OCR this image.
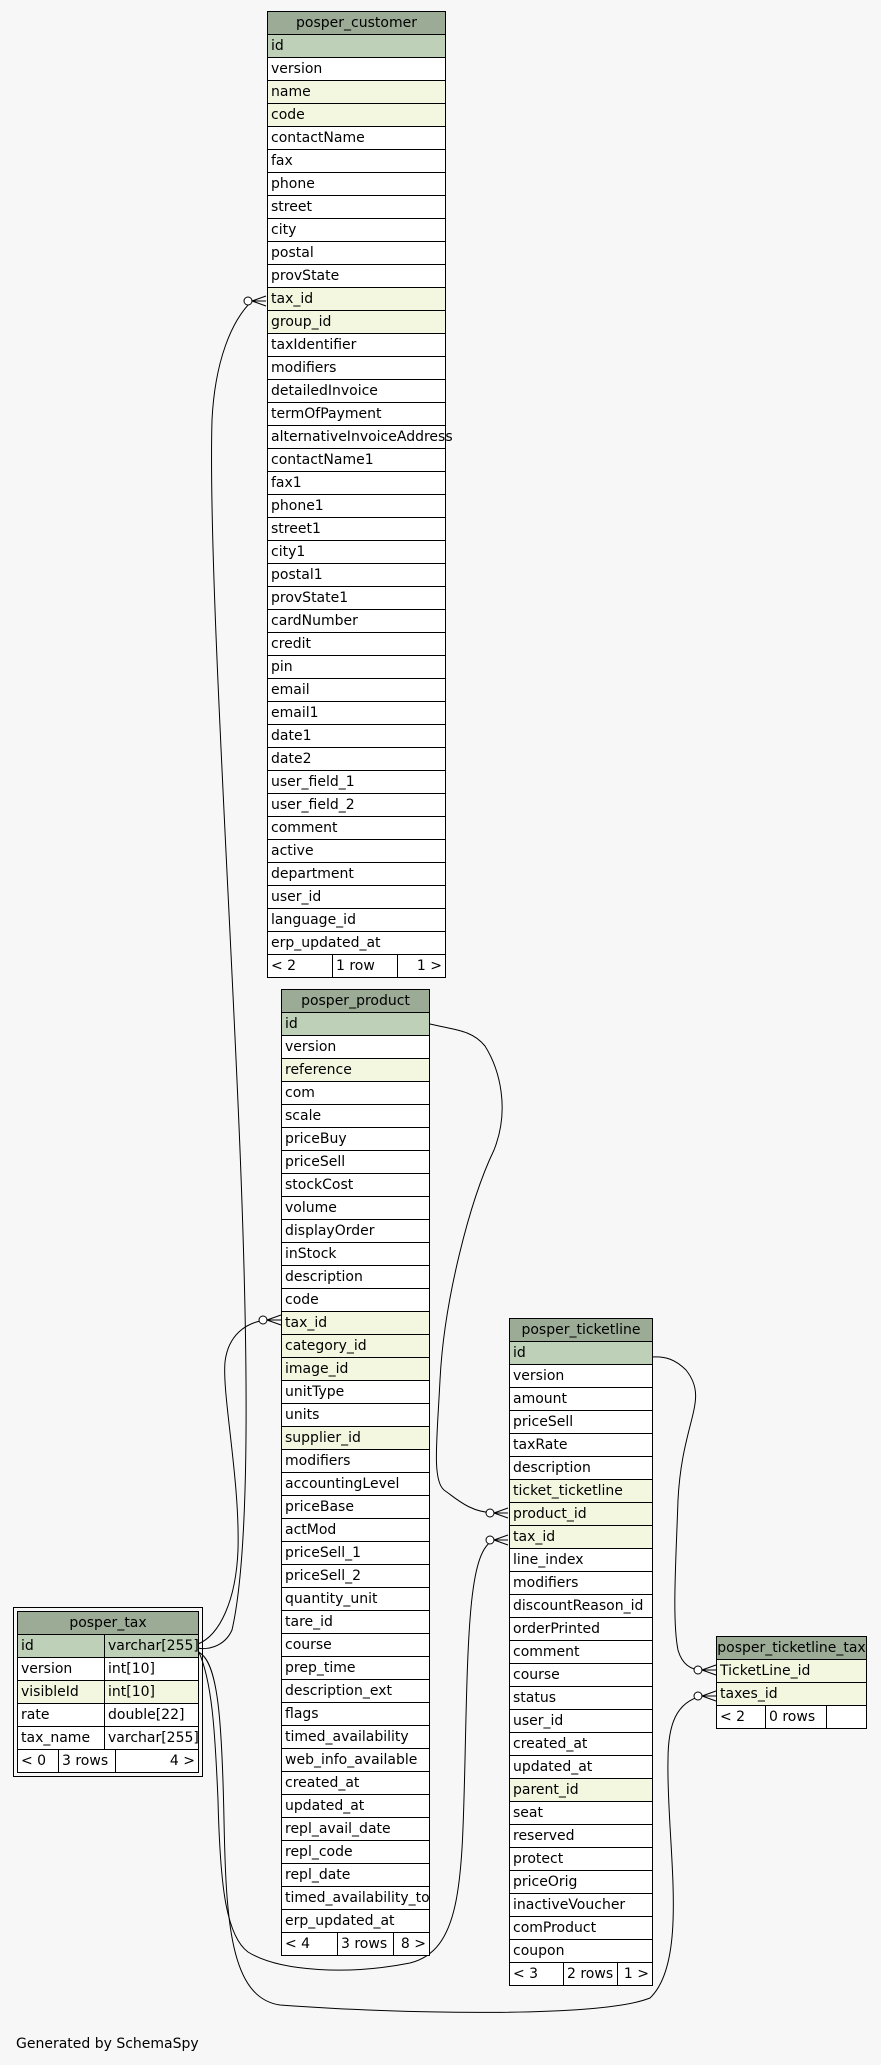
posper_customer
id
version
name
code
contactName
fax
phone
street
city
postal
provState
tax_id
group_id
taxIdentifier
modifiers
detailedInvoice
termOfPayment
alternativeInvoiceAddress
contactName1
fax1
phone1
street1
city1
postal1
provState1
cardNumber
credit
pin
email
email1
date1
date2
user_field_1
user_field_2
comment
active
department
user_id
language_id
erp_updated_at
< 2	1 row	1 >
posper_product
id
version
reference
com
scale
priceBuy
priceSell
stockCost
volume
displayOrder
inStock
description
code
tax_id
category_id
image_id
unitType
units
supplier_id
modifiers
accountingLevel
priceBase
actMod
priceSell_1
priceSell_2
quantity_unit
tare_id
course
prep_time
description_ext
flags
timed_availability
web_info_available
created_at
updated_at
repl_avail_date
repl_code
repl_date
timed_availability_to
erp_updated_at
< 4	3 rows 8 >
posper_ticketline
id
version
amount
priceSell
taxRate
description
ticket_ticketline
product_id
tax_id
line_index
modifiers
discountReason_id
orderPrinted
comment
course
status
user_id
created_at
updated_at
parent_id
seat
reserved
protect
priceOrig
inactiveVoucher
comProduct
coupon
< 3	2 rows 1 >
posper_ticketline_tax
TicketLine_id
taxes_id
< 2	0 rows
posper_tax
id	varchar[255]
version	int[10]
visibleId	int[10]
rate	double[22]
tax_name	varchar[255]
< 0	3 rows	4 >
Generated by SchemaSpy
